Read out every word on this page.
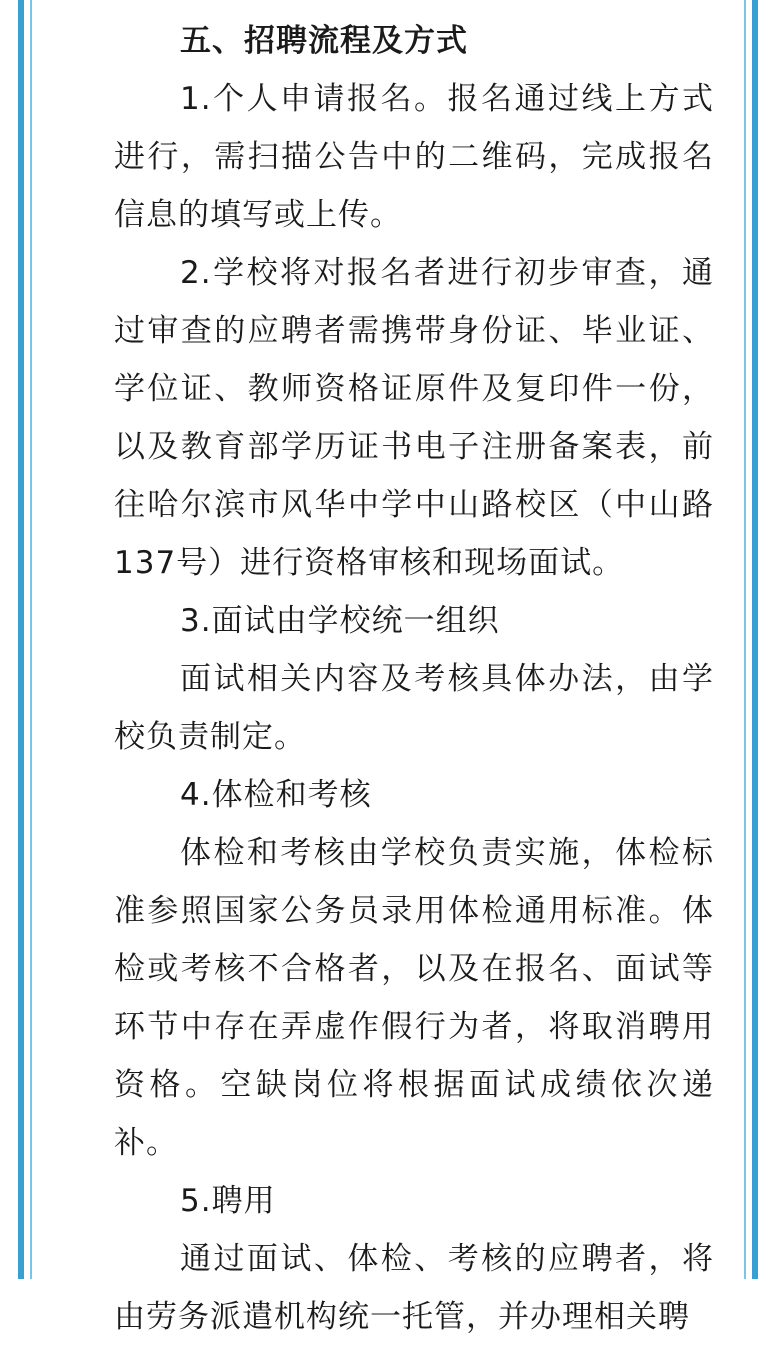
五、招聘流程及方式

1.个人申请报名。报名通过线上方式进行，需扫描公告中的二维码，完成报名信息的填写或上传。

2.学校将对报名者进行初步审查，通过审查的应聘者需携带身份证、毕业证、学位证、教师资格证原件及复印件一份，以及教育部学历证书电子注册备案表，前往哈尔滨市风华中学中山路校区（中山路137号）进行资格审核和现场面试。

3.面试由学校统一组织

面试相关内容及考核具体办法，由学校负责制定。

4.体检和考核

体检和考核由学校负责实施，体检标准参照国家公务员录用体检通用标准。体检或考核不合格者，以及在报名、面试等环节中存在弄虚作假行为者，将取消聘用资格。空缺岗位将根据面试成绩依次递补。

5.聘用

通过面试、体检、考核的应聘者，将由劳务派遣机构统一托管，并办理相关聘
